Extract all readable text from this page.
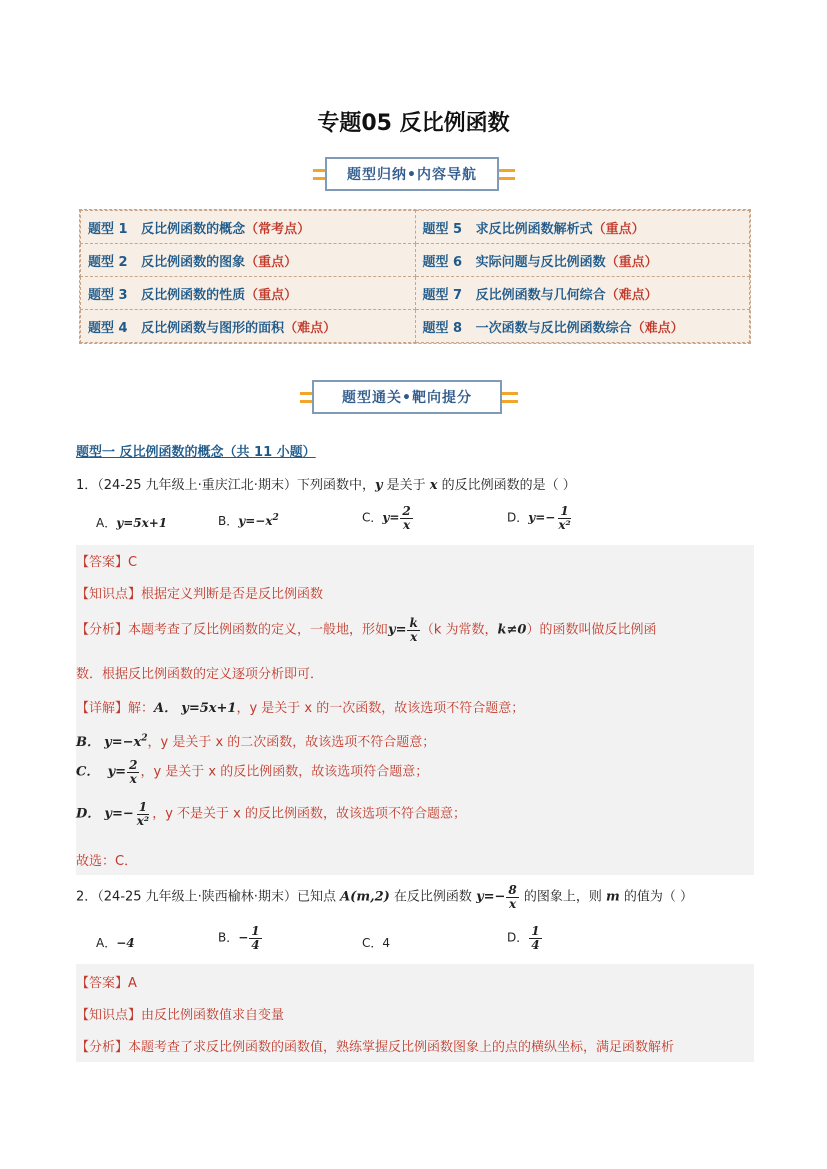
专题05 反比例函数
题型归纳•内容导航
题型 1 反比例函数的概念（常考点）	题型 5 求反比例函数解析式（重点）
题型 2 反比例函数的图象（重点）	题型 6 实际问题与反比例函数（重点）
题型 3 反比例函数的性质（重点）	题型 7 反比例函数与几何综合（难点）
题型 4 反比例函数与图形的面积（难点）	题型 8 一次函数与反比例函数综合（难点）
题型通关•靶向提分
题型一 反比例函数的概念（共 11 小题）
1．（24-25 九年级上·重庆江北·期末）下列函数中，y 是关于 x 的反比例函数的是（ ）
A．y=5x+1	B．$y=-x^2$	C．$y= \frac{2}{x}$	D．$y=- \frac{1}{\text{x²}}$
【答案】C
【知识点】根据定义判断是否是反比例函数
【分析】本题考查了反比例函数的定义，一般地，形如$y= \frac{k}{x} (k$ 为常数，k≠0）的函数叫做反比例函
数．根据反比例函数的定义逐项分析即可．
【详解】解：A． y=5x+1，y 是关于 x 的一次函数，故该选项不符合题意；
B． $y=-x^2$，y 是关于 x 的二次函数，故该选项不符合题意；
C． $y= \frac{2}{x}$ ，y 是关于 x 的反比例函数，故该选项符合题意；
D． $y=- \frac{1}{\text{x²}}$ ，y 不是关于 x 的反比例函数，故该选项不符合题意；
故选：C．
2．（24-25 九年级上·陕西榆林·期末）已知点 A(m,2) 在反比例函数 $y=- \frac{8}{x}$ 的图象上，则 m 的值为（ ）
A．−4	B．− $\frac{1}{4}$	C．4	D． $\frac{1}{4}$
【答案】A
【知识点】由反比例函数值求自变量
【分析】本题考查了求反比例函数的函数值，熟练掌握反比例函数图象上的点的横纵坐标，满足函数解析
